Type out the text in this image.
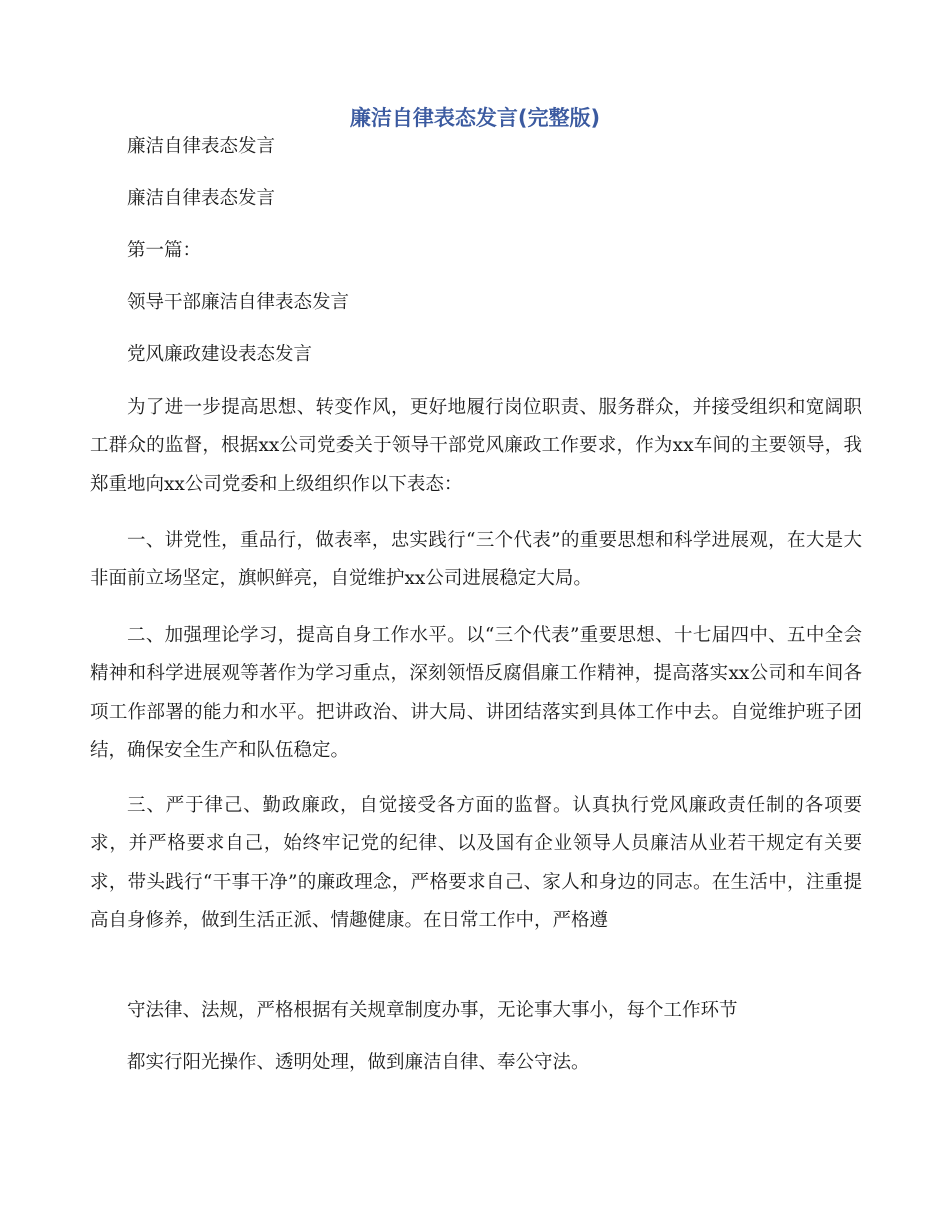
廉洁自律表态发言(完整版)
廉洁自律表态发言
廉洁自律表态发言
第一篇：
领导干部廉洁自律表态发言
党风廉政建设表态发言
为了进一步提高思想、转变作风，更好地履行岗位职责、服务群众，并接受组织和宽阔职工群众的监督，根据xx公司党委关于领导干部党风廉政工作要求，作为xx车间的主要领导，我郑重地向xx公司党委和上级组织作以下表态：
一、讲党性，重品行，做表率，忠实践行“三个代表”的重要思想和科学进展观，在大是大非面前立场坚定，旗帜鲜亮，自觉维护xx公司进展稳定大局。
二、加强理论学习，提高自身工作水平。以“三个代表”重要思想、十七届四中、五中全会精神和科学进展观等著作为学习重点，深刻领悟反腐倡廉工作精神，提高落实xx公司和车间各项工作部署的能力和水平。把讲政治、讲大局、讲团结落实到具体工作中去。自觉维护班子团结，确保安全生产和队伍稳定。
三、严于律己、勤政廉政，自觉接受各方面的监督。认真执行党风廉政责任制的各项要求，并严格要求自己，始终牢记党的纪律、以及国有企业领导人员廉洁从业若干规定有关要求，带头践行“干事干净”的廉政理念，严格要求自己、家人和身边的同志。在生活中，注重提高自身修养，做到生活正派、情趣健康。在日常工作中，严格遵
守法律、法规，严格根据有关规章制度办事，无论事大事小，每个工作环节
都实行阳光操作、透明处理，做到廉洁自律、奉公守法。
